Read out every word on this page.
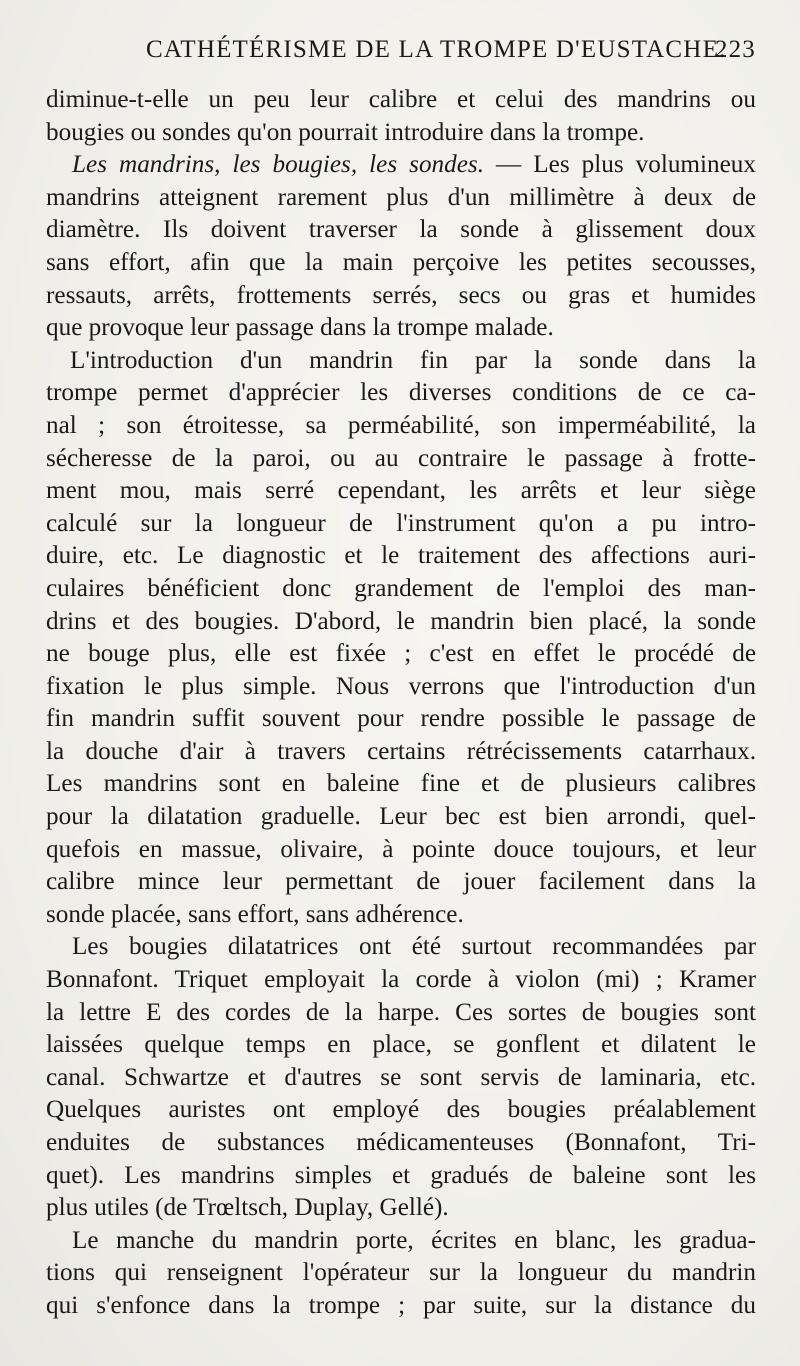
CATHÉTÉRISME DE LA TROMPE D'EUSTACHE.
223
diminue-t-elle un peu leur calibre et celui des mandrins ou
bougies ou sondes qu'on pourrait introduire dans la trompe.
Les mandrins, les bougies, les sondes. — Les plus volumineux
mandrins atteignent rarement plus d'un millimètre à deux de
diamètre. Ils doivent traverser la sonde à glissement doux
sans effort, afin que la main perçoive les petites secousses,
ressauts, arrêts, frottements serrés, secs ou gras et humides
que provoque leur passage dans la trompe malade.
L'introduction d'un mandrin fin par la sonde dans la
trompe permet d'apprécier les diverses conditions de ce ca-
nal ; son étroitesse, sa perméabilité, son imperméabilité, la
sécheresse de la paroi, ou au contraire le passage à frotte-
ment mou, mais serré cependant, les arrêts et leur siège
calculé sur la longueur de l'instrument qu'on a pu intro-
duire, etc. Le diagnostic et le traitement des affections auri-
culaires bénéficient donc grandement de l'emploi des man-
drins et des bougies. D'abord, le mandrin bien placé, la sonde
ne bouge plus, elle est fixée ; c'est en effet le procédé de
fixation le plus simple. Nous verrons que l'introduction d'un
fin mandrin suffit souvent pour rendre possible le passage de
la douche d'air à travers certains rétrécissements catarrhaux.
Les mandrins sont en baleine fine et de plusieurs calibres
pour la dilatation graduelle. Leur bec est bien arrondi, quel-
quefois en massue, olivaire, à pointe douce toujours, et leur
calibre mince leur permettant de jouer facilement dans la
sonde placée, sans effort, sans adhérence.
Les bougies dilatatrices ont été surtout recommandées par
Bonnafont. Triquet employait la corde à violon (mi) ; Kramer
la lettre E des cordes de la harpe. Ces sortes de bougies sont
laissées quelque temps en place, se gonflent et dilatent le
canal. Schwartze et d'autres se sont servis de laminaria, etc.
Quelques auristes ont employé des bougies préalablement
enduites de substances médicamenteuses (Bonnafont, Tri-
quet). Les mandrins simples et gradués de baleine sont les
plus utiles (de Trœltsch, Duplay, Gellé).
Le manche du mandrin porte, écrites en blanc, les gradua-
tions qui renseignent l'opérateur sur la longueur du mandrin
qui s'enfonce dans la trompe ; par suite, sur la distance du
